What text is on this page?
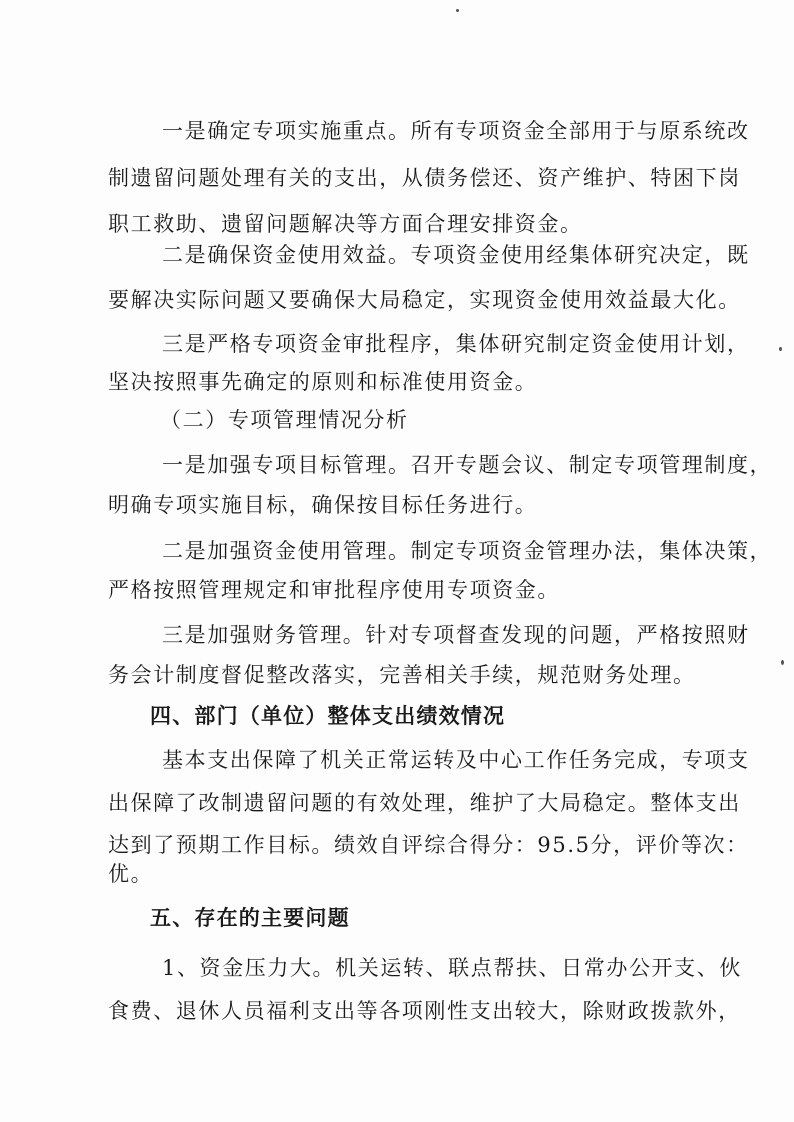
一是确定专项实施重点。所有专项资金全部用于与原系统改
制遗留问题处理有关的支出，从债务偿还、资产维护、特困下岗
职工救助、遗留问题解决等方面合理安排资金。
二是确保资金使用效益。专项资金使用经集体研究决定，既
要解决实际问题又要确保大局稳定，实现资金使用效益最大化。
三是严格专项资金审批程序，集体研究制定资金使用计划，
坚决按照事先确定的原则和标准使用资金。
（二）专项管理情况分析
一是加强专项目标管理。召开专题会议、制定专项管理制度，
明确专项实施目标，确保按目标任务进行。
二是加强资金使用管理。制定专项资金管理办法，集体决策，
严格按照管理规定和审批程序使用专项资金。
三是加强财务管理。针对专项督查发现的问题，严格按照财
务会计制度督促整改落实，完善相关手续，规范财务处理。
四、部门（单位）整体支出绩效情况
基本支出保障了机关正常运转及中心工作任务完成，专项支
出保障了改制遗留问题的有效处理，维护了大局稳定。整体支出
达到了预期工作目标。绩效自评综合得分：95.5分，评价等次：
优。
五、存在的主要问题
1、资金压力大。机关运转、联点帮扶、日常办公开支、伙
食费、退休人员福利支出等各项刚性支出较大，除财政拨款外，
